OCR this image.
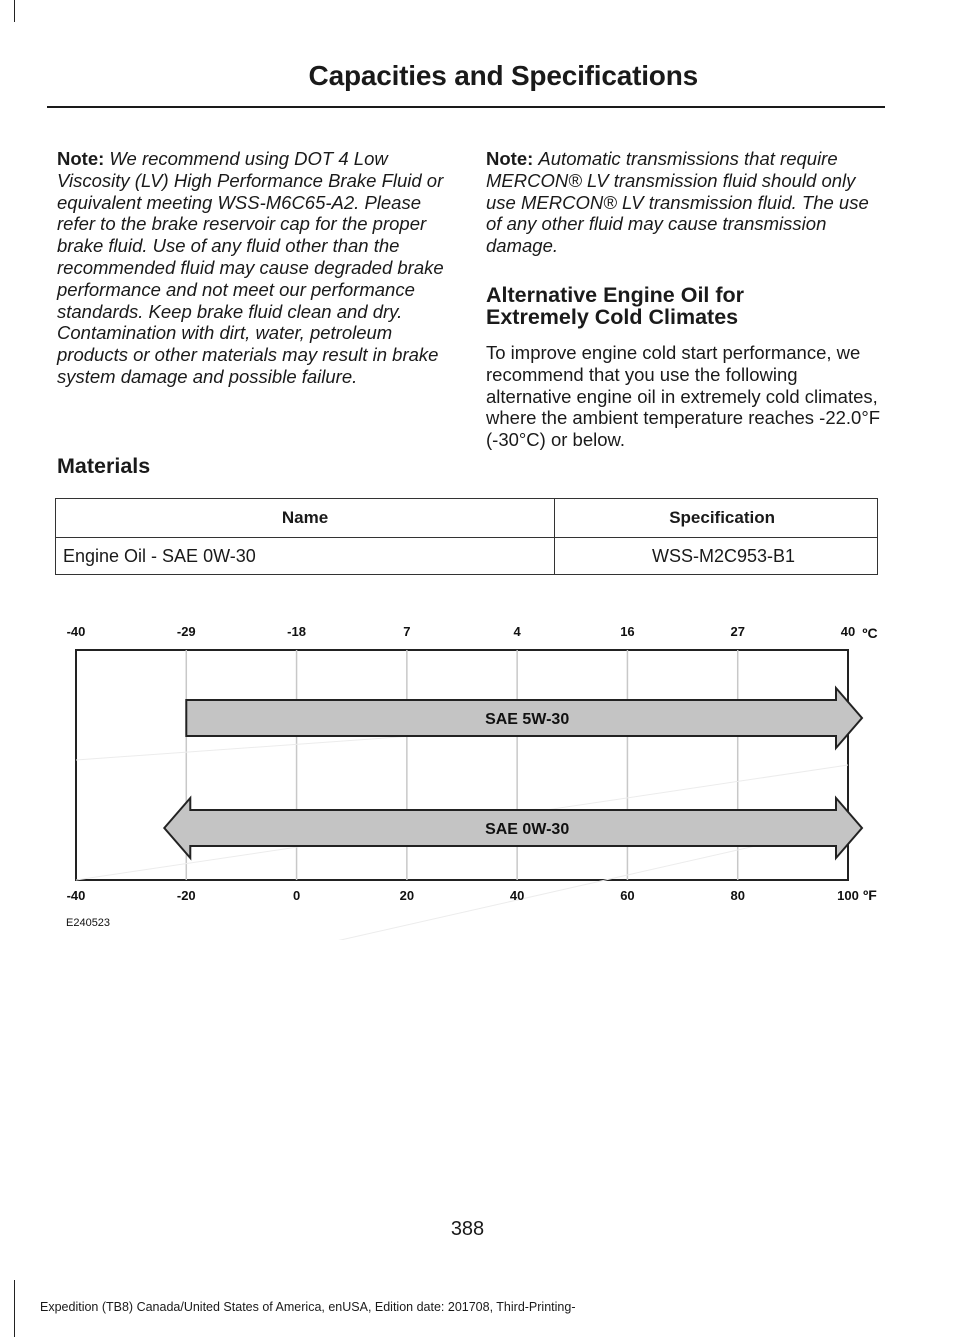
Capacities and Specifications

Note: We recommend using DOT 4 Low Viscosity (LV) High Performance Brake Fluid or equivalent meeting WSS-M6C65-A2. Please refer to the brake reservoir cap for the proper brake fluid. Use of any fluid other than the recommended fluid may cause degraded brake performance and not meet our performance standards. Keep brake fluid clean and dry. Contamination with dirt, water, petroleum products or other materials may result in brake system damage and possible failure.

Note: Automatic transmissions that require MERCON® LV transmission fluid should only use MERCON® LV transmission fluid. The use of any other fluid may cause transmission damage.

Alternative Engine Oil for
Extremely Cold Climates

To improve engine cold start performance, we recommend that you use the following alternative engine oil in extremely cold climates, where the ambient temperature reaches -22.0°F (-30°C) or below.

Materials
Name	Specification
Engine Oil - SAE 0W-30	WSS-M2C953-B1
-40	-29	-18	7	4	16	27	40 ºC
-40	-20	0	20	40	60	80	100 ºF
SAE 5W-30
SAE 0W-30
E240523
388
Expedition (TB8) Canada/United States of America, enUSA, Edition date: 201708, Third-Printing-
